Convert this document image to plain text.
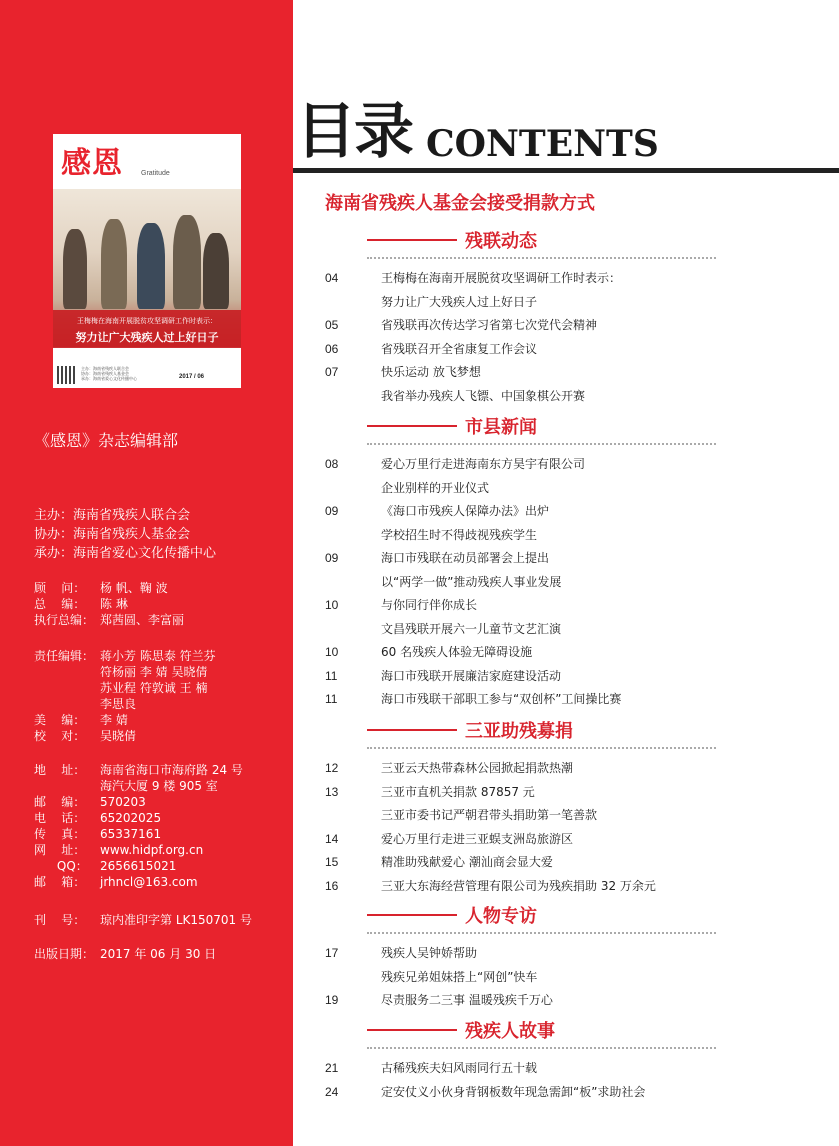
感恩	Gratitude
王梅梅在海南开展脱贫攻坚调研工作时表示：
努力让广大残疾人过上好日子
主办：海南省残疾人联合会
协办：海南省残疾人基金会
承办：海南省爱心文化传播中心	2017 / 06
《感恩》杂志编辑部
主办：海南省残疾人联合会
协办：海南省残疾人基金会
承办：海南省爱心文化传播中心
顾    问：	杨 帆、鞠 波
总    编：	陈 琳
执行总编： 郑茜圆、李富丽
责任编辑： 蒋小芳 陈思泰 符兰芬
符杨丽 李 婧 吴晓倩
苏业程 符敦诚 王 楠
李思良
美    编：	李 婧
校    对：	吴晓倩
地    址：	海南省海口市海府路 24 号
海汽大厦 9 楼 905 室
邮    编：	570203
电    话：	65202025
传    真：	65337161
网    址：	www.hidpf.org.cn
QQ：	2656615021
邮    箱：	jrhncl@163.com
刊    号：	琼内准印字第 LK150701 号
出版日期： 2017 年 06 月 30 日
目录 CONTENTS
海南省残疾人基金会接受捐款方式
残联动态
04	王梅梅在海南开展脱贫攻坚调研工作时表示：
努力让广大残疾人过上好日子
05	省残联再次传达学习省第七次党代会精神
06	省残联召开全省康复工作会议
07	快乐运动 放飞梦想
我省举办残疾人飞镖、中国象棋公开赛
市县新闻
08	爱心万里行走进海南东方昊宇有限公司
企业别样的开业仪式
09	《海口市残疾人保障办法》出炉
学校招生时不得歧视残疾学生
09	海口市残联在动员部署会上提出
以“两学一做”推动残疾人事业发展
10	与你同行伴你成长
文昌残联开展六一儿童节文艺汇演
10	60 名残疾人体验无障碍设施
11	海口市残联开展廉洁家庭建设活动
11	海口市残联干部职工参与“双创杯”工间操比赛
三亚助残募捐
12	三亚云天热带森林公园掀起捐款热潮
13	三亚市直机关捐款 87857 元
三亚市委书记严朝君带头捐助第一笔善款
14	爱心万里行走进三亚蜈支洲岛旅游区
15	精准助残献爱心 潮汕商会显大爱
16	三亚大东海经营管理有限公司为残疾捐助 32 万余元
人物专访
17	残疾人吴钟娇帮助
残疾兄弟姐妹搭上“网创”快车
19	尽责服务二三事 温暖残疾千万心
残疾人故事
21	古稀残疾夫妇风雨同行五十载
24	定安仗义小伙身背钢板数年现急需卸“板”求助社会
